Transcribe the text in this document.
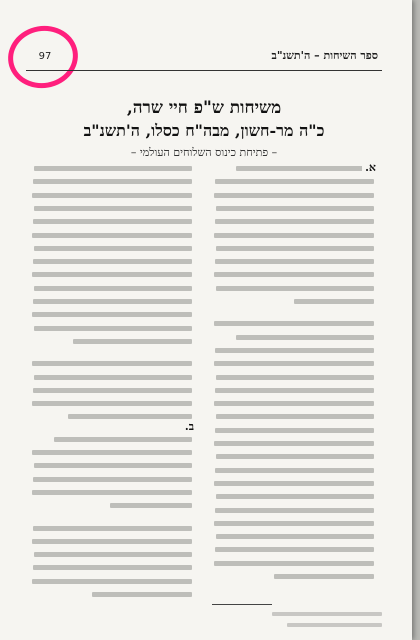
97	ספר השיחות – ה'תשנ"ב
משיחות ש"פ חיי שרה,
כ"ה מר-חשון, מבה"ח כסלו, ה'תשנ"ב
– פתיחת כינוס השלוחים העולמי –
א.
ב.
